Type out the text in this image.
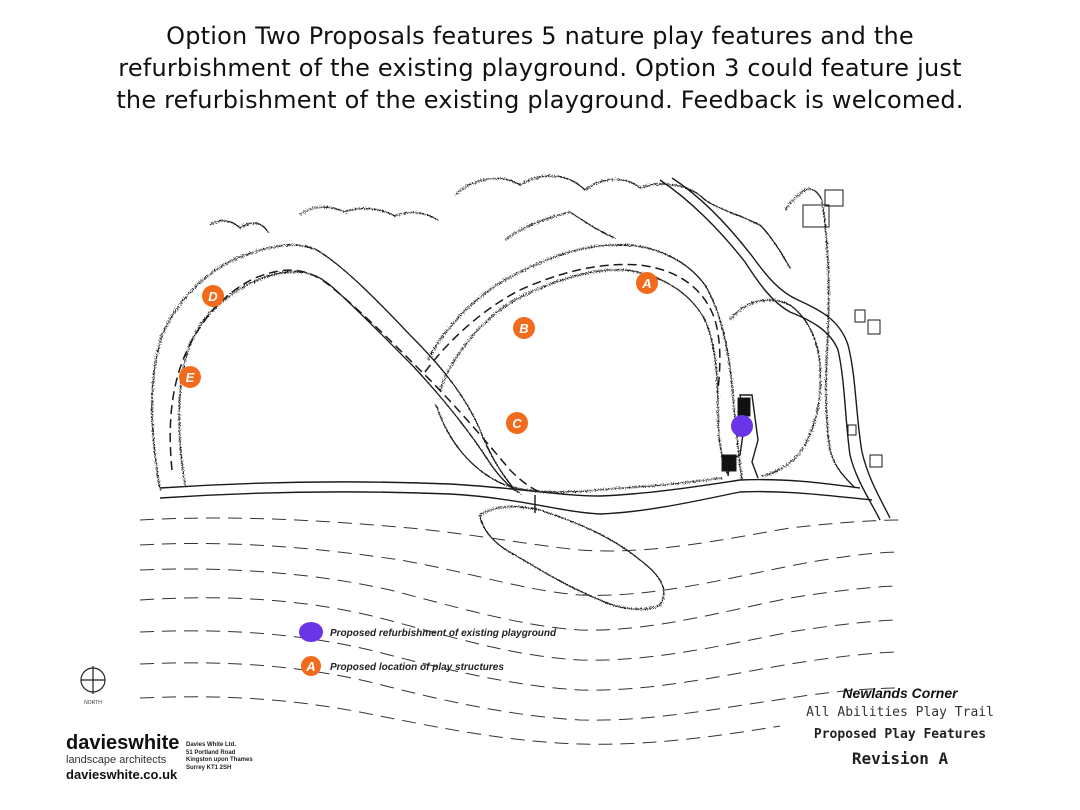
Option Two Proposals features 5 nature play features and the
refurbishment of the existing playground. Option 3 could feature just
the refurbishment of the existing playground. Feedback is welcomed.
A
B
C
D
E
Proposed refurbishment of existing playground
A Proposed location of play structures
NORTH
davieswhite
landscape architects
davieswhite.co.uk
Davies White Ltd.
51 Portland Road
Kingston upon Thames
Surrey KT1 2SH
Newlands Corner
All Abilities Play Trail
Proposed Play Features
Revision A
